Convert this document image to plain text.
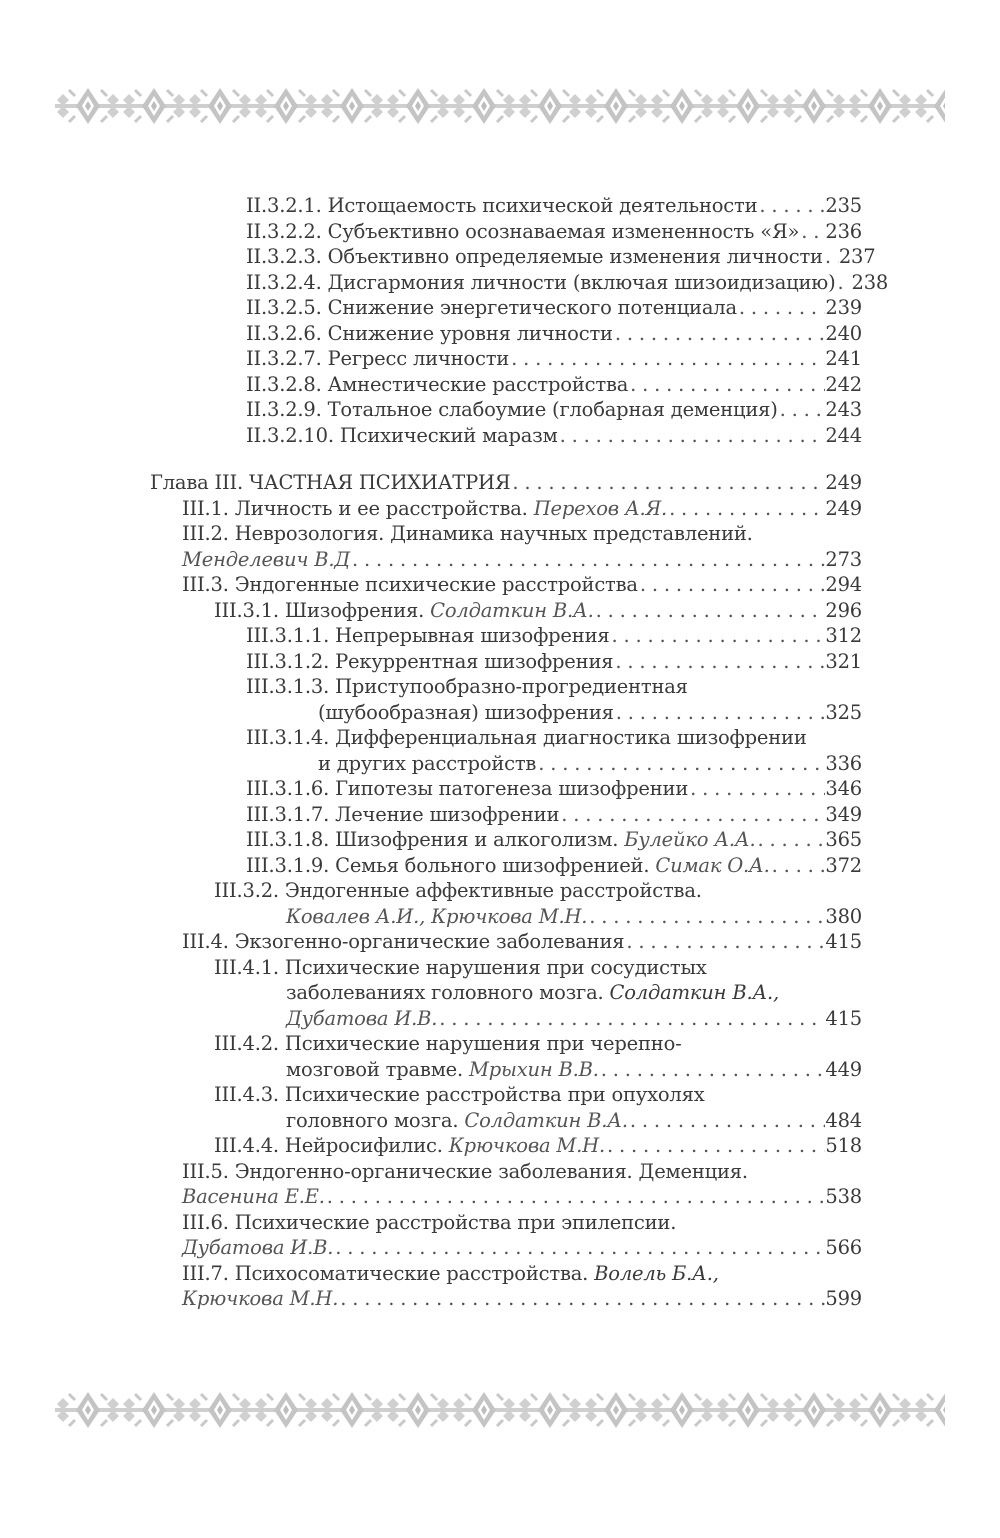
II.3.2.1. Истощаемость психической деятельности . . .	235
II.3.2.2. Субъективно осознаваемая измененность «Я» . . . 236
II.3.2.3. Объективно определяемые изменения личности . . . 237
II.3.2.4. Дисгармония личности (включая шизоидизацию) . . . 238
II.3.2.5. Снижение энергетического потенциала . . .	239
II.3.2.6. Снижение уровня личности . . .	240
II.3.2.7. Регресс личности . . .	241
II.3.2.8. Амнестические расстройства . . .	242
II.3.2.9. Тотальное слабоумие (глобарная деменция) . . . 243
II.3.2.10. Психический маразм . . .	244
Глава III. ЧАСТНАЯ ПСИХИАТРИЯ . . .	249
III.1. Личность и ее расстройства. Перехов А.Я. . . .	249
III.2. Неврозология. Динамика научных представлений.
Менделевич В.Д . . .	273
III.3. Эндогенные психические расстройства . . .	294
III.3.1. Шизофрения. Солдаткин В.А. . . .	296
III.3.1.1. Непрерывная шизофрения . . .	312
III.3.1.2. Рекуррентная шизофрения . . .	321
III.3.1.3. Приступообразно-прогредиентная
(шубообразная) шизофрения . . .	325
III.3.1.4. Дифференциальная диагностика шизофрении
и других расстройств . . .	336
III.3.1.6. Гипотезы патогенеза шизофрении . . .	346
III.3.1.7. Лечение шизофрении . . .	349
III.3.1.8. Шизофрения и алкоголизм. Булейко А.А. . . .	365
III.3.1.9. Семья больного шизофренией. Симак О.А. . . .	372
III.3.2. Эндогенные аффективные расстройства.
Ковалев А.И., Крючкова М.Н. . . .	380
III.4. Экзогенно-органические заболевания . . .	415
III.4.1. Психические нарушения при сосудистых
заболеваниях головного мозга. Солдаткин В.А.,
Дубатова И.В. . . .	415
III.4.2. Психические нарушения при черепно-
мозговой травме. Мрыхин В.В. . . .	449
III.4.3. Психические расстройства при опухолях
головного мозга. Солдаткин В.А. . . .	484
III.4.4. Нейросифилис. Крючкова М.Н. . . .	518
III.5. Эндогенно-органические заболевания. Деменция.
Васенина Е.Е. . . .	538
III.6. Психические расстройства при эпилепсии.
Дубатова И.В. . . .	566
III.7. Психосоматические расстройства. Волель Б.А.,
Крючкова М.Н. . . .	599
